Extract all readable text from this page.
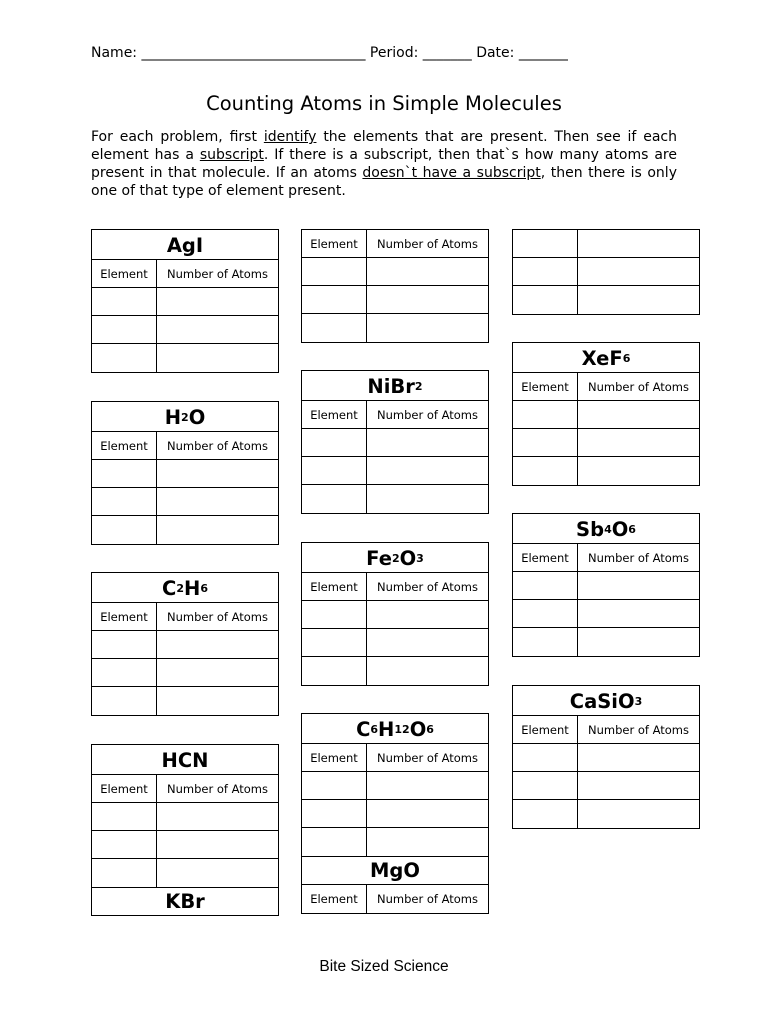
Name: ________________________________ Period: _______ Date: _______
Counting Atoms in Simple Molecules
For each problem, first identify the elements that are present. Then see if each element has a subscript. If there is a subscript, then that`s how many atoms are present in that molecule. If an atoms doesn`t have a subscript, then there is only one of that type of element present.
AgI
Element	Number of Atoms
H 2 O
Element	Number of Atoms
C 2 H 6
Element	Number of Atoms
HCN
Element	Number of Atoms
KBr
Element	Number of Atoms
NiBr 2
Element	Number of Atoms
Fe 2 O 3
Element	Number of Atoms
C 6 H 12 O 6
Element	Number of Atoms
MgO
Element	Number of Atoms
XeF 6
Element	Number of Atoms
Sb 4 O 6
Element	Number of Atoms
CaSiO 3
Element	Number of Atoms
Bite Sized Science
